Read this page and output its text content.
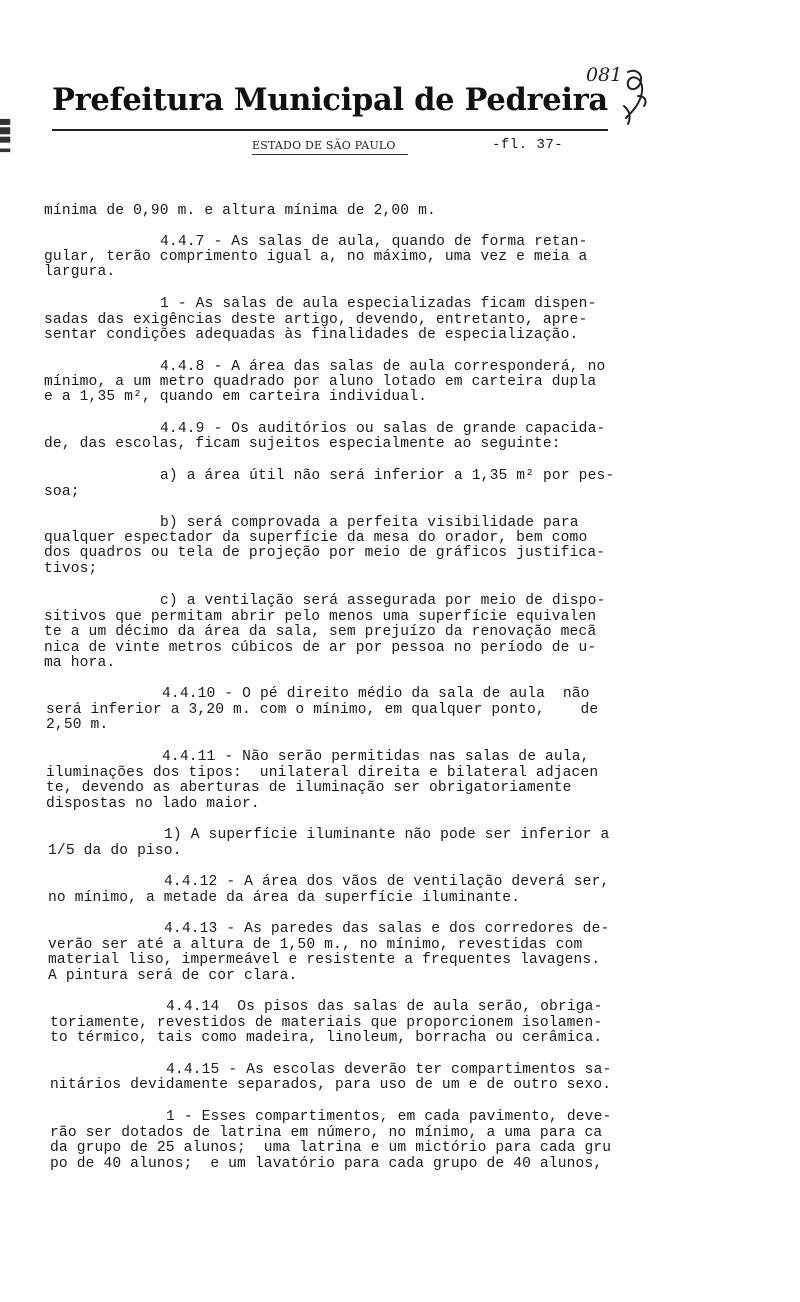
▌▐▌█▐▌
081
Prefeitura Municipal de Pedreira
ESTADO DE SÃO PAULO	-fl. 37-
mínima de 0,90 m. e altura mínima de 2,00 m.
4.4.7 - As salas de aula, quando de forma retan-
gular, terão comprimento igual a, no máximo, uma vez e meia a
largura.
1 - As salas de aula especializadas ficam dispen-
sadas das exigências deste artigo, devendo, entretanto, apre-
sentar condições adequadas às finalidades de especialização.
4.4.8 - A área das salas de aula corresponderá, no
mínimo, a um metro quadrado por aluno lotado em carteira dupla
e a 1,35 m², quando em carteira individual.
4.4.9 - Os auditórios ou salas de grande capacida-
de, das escolas, ficam sujeitos especialmente ao seguinte:
a) a área útil não será inferior a 1,35 m² por pes-
soa;
b) será comprovada a perfeita visibilidade para
qualquer espectador da superfície da mesa do orador, bem como
dos quadros ou tela de projeção por meio de gráficos justifica-
tivos;
c) a ventilação será assegurada por meio de dispo-
sitivos que permitam abrir pelo menos uma superfície equivalen
te a um décimo da área da sala, sem prejuízo da renovação mecã
nica de vinte metros cúbicos de ar por pessoa no período de u-
ma hora.
4.4.10 - O pé direito médio da sala de aula  não
será inferior a 3,20 m. com o mínimo, em qualquer ponto,    de
2,50 m.
4.4.11 - Não serão permitidas nas salas de aula,
iluminações dos tipos:  unilateral direita e bilateral adjacen
te, devendo as aberturas de iluminação ser obrigatoriamente
dispostas no lado maior.
1) A superfície iluminante não pode ser inferior a
1/5 da do piso.
4.4.12 - A área dos vãos de ventilação deverá ser,
no mínimo, a metade da área da superfície iluminante.
4.4.13 - As paredes das salas e dos corredores de-
verão ser até a altura de 1,50 m., no mínimo, revestidas com
material liso, impermeável e resistente a frequentes lavagens.
A pintura será de cor clara.
4.4.14  Os pisos das salas de aula serão, obriga-
toriamente, revestidos de materiais que proporcionem isolamen-
to térmico, tais como madeira, linoleum, borracha ou cerâmica.
4.4.15 - As escolas deverão ter compartimentos sa-
nitários devidamente separados, para uso de um e de outro sexo.
1 - Esses compartimentos, em cada pavimento, deve-
rão ser dotados de latrina em número, no mínimo, a uma para ca
da grupo de 25 alunos;  uma latrina e um mictório para cada gru
po de 40 alunos;  e um lavatório para cada grupo de 40 alunos,
